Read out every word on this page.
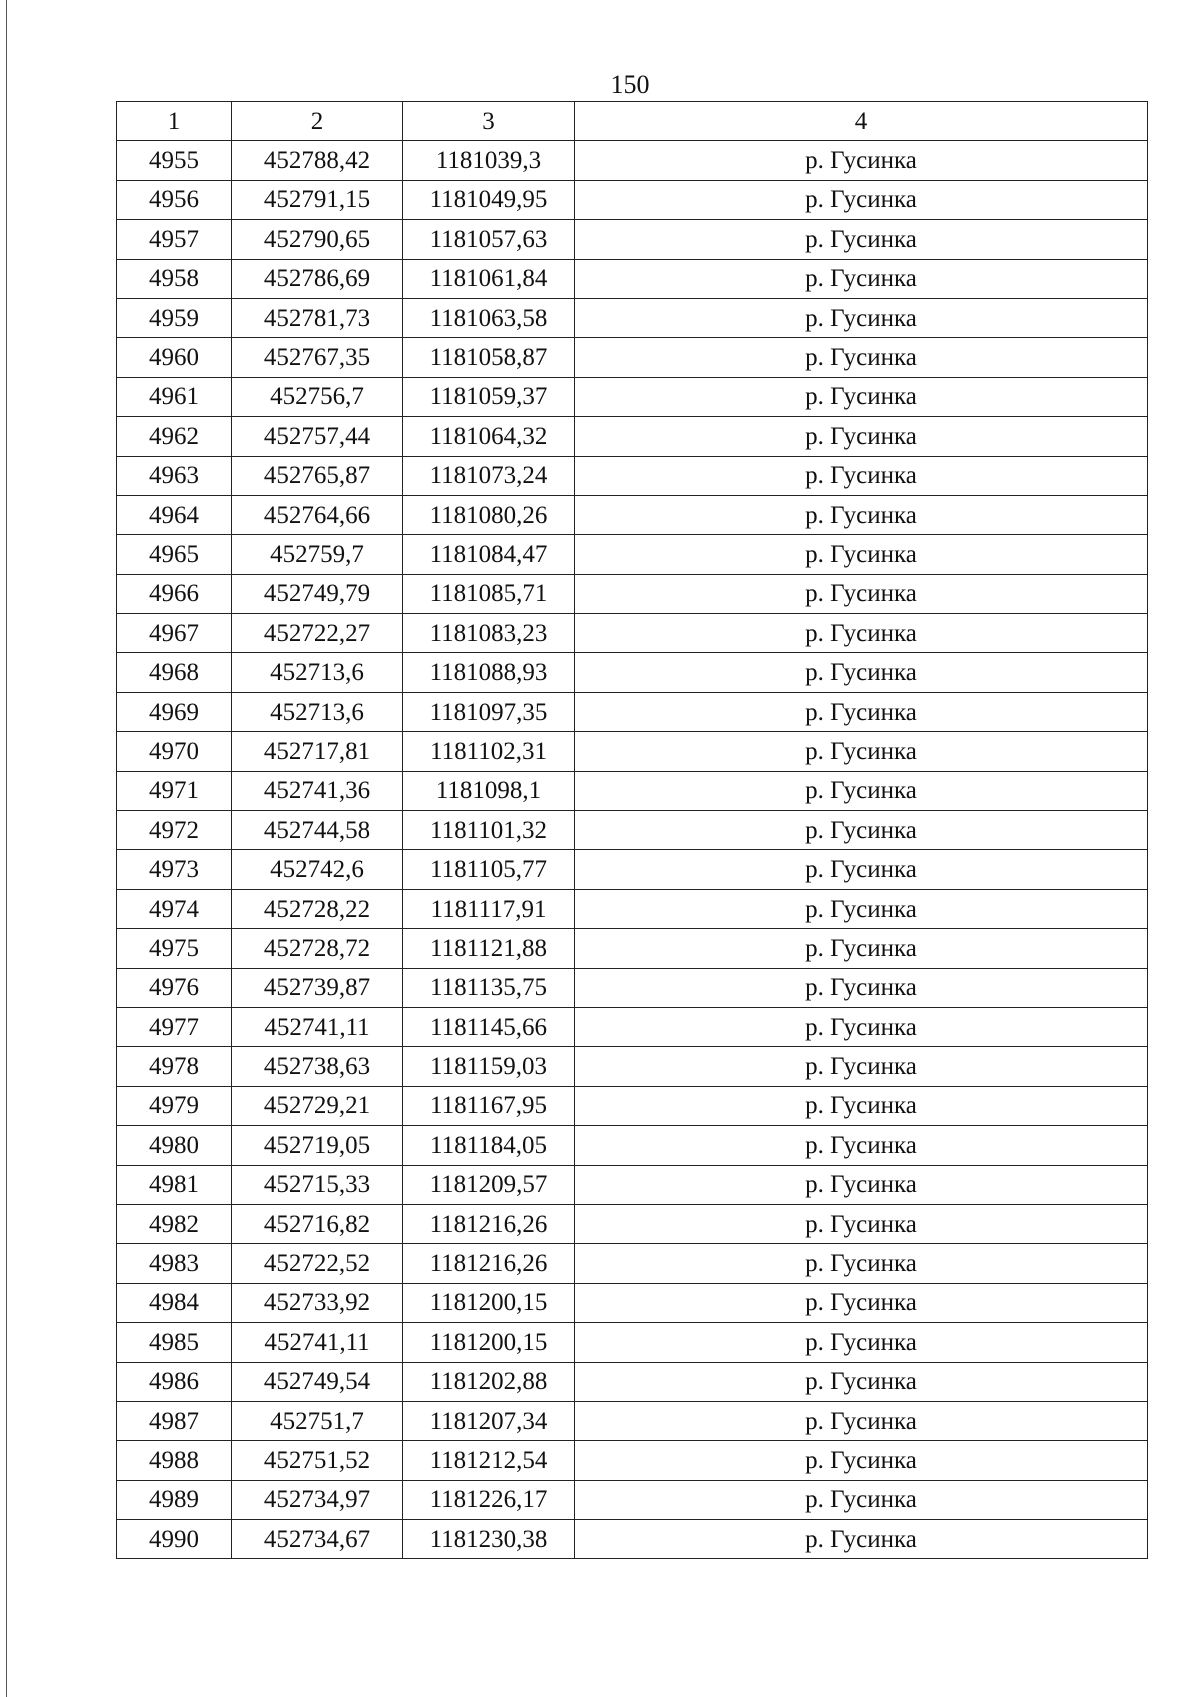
150
1	2	3	4
4955	452788,42	1181039,3	р. Гусинка
4956	452791,15	1181049,95	р. Гусинка
4957	452790,65	1181057,63	р. Гусинка
4958	452786,69	1181061,84	р. Гусинка
4959	452781,73	1181063,58	р. Гусинка
4960	452767,35	1181058,87	р. Гусинка
4961	452756,7	1181059,37	р. Гусинка
4962	452757,44	1181064,32	р. Гусинка
4963	452765,87	1181073,24	р. Гусинка
4964	452764,66	1181080,26	р. Гусинка
4965	452759,7	1181084,47	р. Гусинка
4966	452749,79	1181085,71	р. Гусинка
4967	452722,27	1181083,23	р. Гусинка
4968	452713,6	1181088,93	р. Гусинка
4969	452713,6	1181097,35	р. Гусинка
4970	452717,81	1181102,31	р. Гусинка
4971	452741,36	1181098,1	р. Гусинка
4972	452744,58	1181101,32	р. Гусинка
4973	452742,6	1181105,77	р. Гусинка
4974	452728,22	1181117,91	р. Гусинка
4975	452728,72	1181121,88	р. Гусинка
4976	452739,87	1181135,75	р. Гусинка
4977	452741,11	1181145,66	р. Гусинка
4978	452738,63	1181159,03	р. Гусинка
4979	452729,21	1181167,95	р. Гусинка
4980	452719,05	1181184,05	р. Гусинка
4981	452715,33	1181209,57	р. Гусинка
4982	452716,82	1181216,26	р. Гусинка
4983	452722,52	1181216,26	р. Гусинка
4984	452733,92	1181200,15	р. Гусинка
4985	452741,11	1181200,15	р. Гусинка
4986	452749,54	1181202,88	р. Гусинка
4987	452751,7	1181207,34	р. Гусинка
4988	452751,52	1181212,54	р. Гусинка
4989	452734,97	1181226,17	р. Гусинка
4990	452734,67	1181230,38	р. Гусинка
